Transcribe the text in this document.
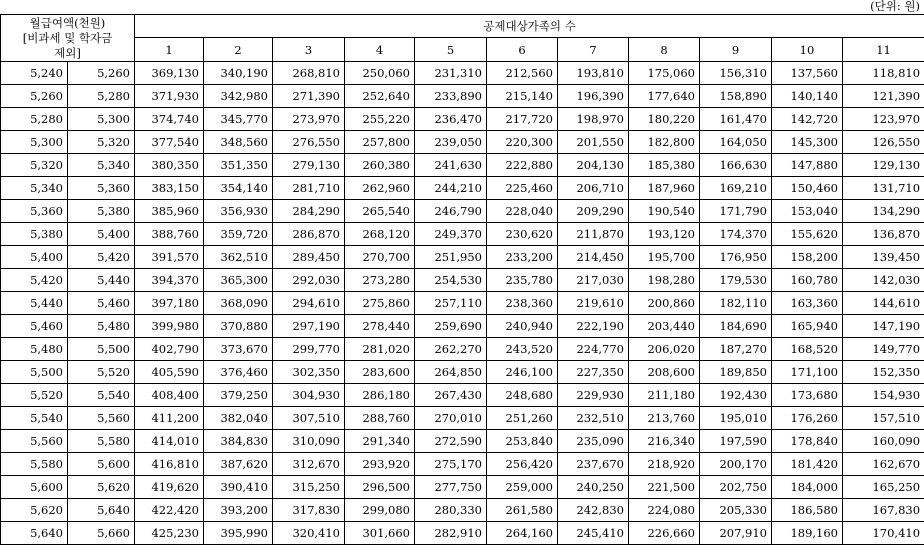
(단위: 원)
월급여액(천원)
[비과세 및 학자금
제외]		공제대상가족의 수										
		1	2	3	4	5	6	7	8	9	10	11
5,240	5,260	369,130	340,190	268,810	250,060	231,310	212,560	193,810	175,060	156,310	137,560	118,810
5,260	5,280	371,930	342,980	271,390	252,640	233,890	215,140	196,390	177,640	158,890	140,140	121,390
5,280	5,300	374,740	345,770	273,970	255,220	236,470	217,720	198,970	180,220	161,470	142,720	123,970
5,300	5,320	377,540	348,560	276,550	257,800	239,050	220,300	201,550	182,800	164,050	145,300	126,550
5,320	5,340	380,350	351,350	279,130	260,380	241,630	222,880	204,130	185,380	166,630	147,880	129,130
5,340	5,360	383,150	354,140	281,710	262,960	244,210	225,460	206,710	187,960	169,210	150,460	131,710
5,360	5,380	385,960	356,930	284,290	265,540	246,790	228,040	209,290	190,540	171,790	153,040	134,290
5,380	5,400	388,760	359,720	286,870	268,120	249,370	230,620	211,870	193,120	174,370	155,620	136,870
5,400	5,420	391,570	362,510	289,450	270,700	251,950	233,200	214,450	195,700	176,950	158,200	139,450
5,420	5,440	394,370	365,300	292,030	273,280	254,530	235,780	217,030	198,280	179,530	160,780	142,030
5,440	5,460	397,180	368,090	294,610	275,860	257,110	238,360	219,610	200,860	182,110	163,360	144,610
5,460	5,480	399,980	370,880	297,190	278,440	259,690	240,940	222,190	203,440	184,690	165,940	147,190
5,480	5,500	402,790	373,670	299,770	281,020	262,270	243,520	224,770	206,020	187,270	168,520	149,770
5,500	5,520	405,590	376,460	302,350	283,600	264,850	246,100	227,350	208,600	189,850	171,100	152,350
5,520	5,540	408,400	379,250	304,930	286,180	267,430	248,680	229,930	211,180	192,430	173,680	154,930
5,540	5,560	411,200	382,040	307,510	288,760	270,010	251,260	232,510	213,760	195,010	176,260	157,510
5,560	5,580	414,010	384,830	310,090	291,340	272,590	253,840	235,090	216,340	197,590	178,840	160,090
5,580	5,600	416,810	387,620	312,670	293,920	275,170	256,420	237,670	218,920	200,170	181,420	162,670
5,600	5,620	419,620	390,410	315,250	296,500	277,750	259,000	240,250	221,500	202,750	184,000	165,250
5,620	5,640	422,420	393,200	317,830	299,080	280,330	261,580	242,830	224,080	205,330	186,580	167,830
5,640	5,660	425,230	395,990	320,410	301,660	282,910	264,160	245,410	226,660	207,910	189,160	170,410
